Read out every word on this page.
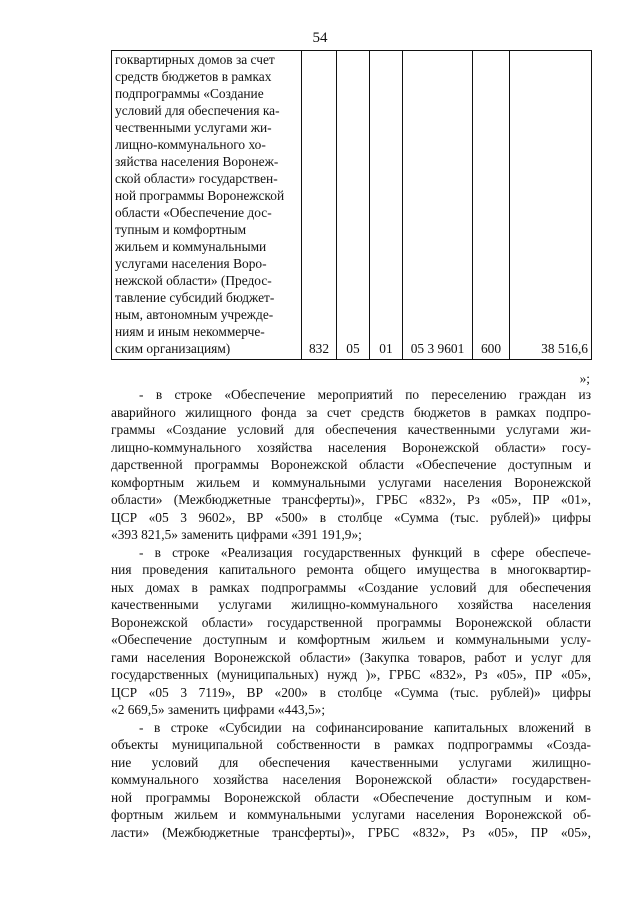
54
гоквартирных домов за счет
средств бюджетов в рамках
подпрограммы «Создание
условий для обеспечения ка-
чественными услугами жи-
лищно-коммунального хо-
зяйства населения Воронеж-
ской области» государствен-
ной программы Воронежской
области «Обеспечение дос-
тупным и комфортным
жильем и коммунальными
услугами населения Воро-
нежской области» (Предос-
тавление субсидий бюджет-
ным, автономным учрежде-
ниям и иным некоммерче-
ским организациям)	832	05	01	05 3 9601	600	38 516,6
»;
- в строке «Обеспечение мероприятий по переселению граждан из
аварийного жилищного фонда за счет средств бюджетов в рамках подпро-
граммы «Создание условий для обеспечения качественными услугами жи-
лищно-коммунального хозяйства населения Воронежской области» госу-
дарственной программы Воронежской области «Обеспечение доступным и
комфортным жильем и коммунальными услугами населения Воронежской
области» (Межбюджетные трансферты)», ГРБС «832», Рз «05», ПР «01»,
ЦСР «05 3 9602», ВР «500» в столбце «Сумма (тыс. рублей)» цифры
«393 821,5» заменить цифрами «391 191,9»;
- в строке «Реализация государственных функций в сфере обеспече-
ния проведения капитального ремонта общего имущества в многоквартир-
ных домах в рамках подпрограммы «Создание условий для обеспечения
качественными услугами жилищно-коммунального хозяйства населения
Воронежской области» государственной программы Воронежской области
«Обеспечение доступным и комфортным жильем и коммунальными услу-
гами населения Воронежской области» (Закупка товаров, работ и услуг для
государственных (муниципальных) нужд )», ГРБС «832», Рз «05», ПР «05»,
ЦСР «05 3 7119», ВР «200» в столбце «Сумма (тыс. рублей)» цифры
«2 669,5» заменить цифрами «443,5»;
- в строке «Субсидии на софинансирование капитальных вложений в
объекты муниципальной собственности в рамках подпрограммы «Созда-
ние условий для обеспечения качественными услугами жилищно-
коммунального хозяйства населения Воронежской области» государствен-
ной программы Воронежской области «Обеспечение доступным и ком-
фортным жильем и коммунальными услугами населения Воронежской об-
ласти» (Межбюджетные трансферты)», ГРБС «832», Рз «05», ПР «05»,
